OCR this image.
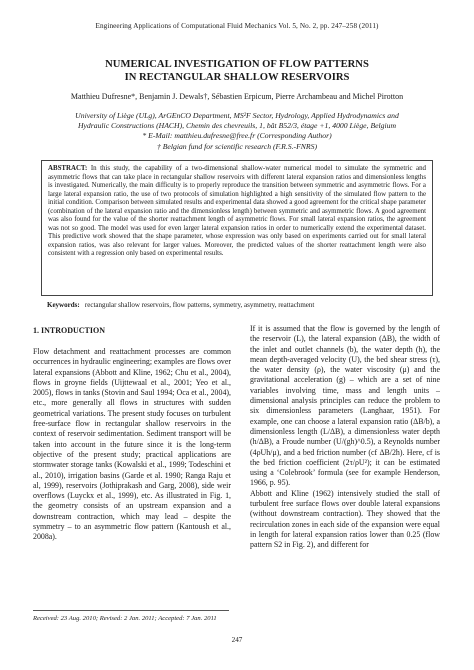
Engineering Applications of Computational Fluid Mechanics Vol. 5, No. 2, pp. 247–258 (2011)
NUMERICAL INVESTIGATION OF FLOW PATTERNS
IN RECTANGULAR SHALLOW RESERVOIRS
Matthieu Dufresne*, Benjamin J. Dewals†, Sébastien Erpicum, Pierre Archambeau and Michel Pirotton
University of Liège (ULg), ArGEnCO Department, MS²F Sector, Hydrology, Applied Hydrodynamics and
Hydraulic Constructions (HACH), Chemin des chevreuils, 1, bât B52/3, étage +1, 4000 Liège, Belgium
* E-Mail: matthieu.dufresne@free.fr (Corresponding Author)
† Belgian fund for scientific research (F.R.S.-FNRS)
ABSTRACT: In this study, the capability of a two-dimensional shallow-water numerical model to simulate the symmetric and asymmetric flows that can take place in rectangular shallow reservoirs with different lateral expansion ratios and dimensionless lengths is investigated. Numerically, the main difficulty is to properly reproduce the transition between symmetric and asymmetric flows. For a large lateral expansion ratio, the use of two protocols of simulation highlighted a high sensitivity of the simulated flow pattern to the initial condition. Comparison between simulated results and experimental data showed a good agreement for the critical shape parameter (combination of the lateral expansion ratio and the dimensionless length) between symmetric and asymmetric flows. A good agreement was also found for the value of the shorter reattachment length of asymmetric flows. For small lateral expansion ratios, the agreement was not so good. The model was used for even larger lateral expansion ratios in order to numerically extend the experimental dataset. This predictive work showed that the shape parameter, whose expression was only based on experiments carried out for small lateral expansion ratios, was also relevant for larger values. Moreover, the predicted values of the shorter reattachment length were also consistent with a regression only based on experimental results.
Keywords: rectangular shallow reservoirs, flow patterns, symmetry, asymmetry, reattachment
1. INTRODUCTION

Flow detachment and reattachment processes are common occurrences in hydraulic engineering; examples are flows over lateral expansions (Abbott and Kline, 1962; Chu et al., 2004), flows in groyne fields (Uijttewaal et al., 2001; Yeo et al., 2005), flows in tanks (Stovin and Saul 1994; Oca et al., 2004), etc., more generally all flows in structures with sudden geometrical variations. The present study focuses on turbulent free-surface flow in rectangular shallow reservoirs in the context of reservoir sedimentation. Sediment transport will be taken into account in the future since it is the long-term objective of the present study; practical applications are stormwater storage tanks (Kowalski et al., 1999; Todeschini et al., 2010), irrigation basins (Garde et al. 1990; Ranga Raju et al, 1999), reservoirs (Jothiprakash and Garg, 2008), side weir overflows (Luyckx et al., 1999), etc. As illustrated in Fig. 1, the geometry consists of an upstream expansion and a downstream contraction, which may lead – despite the symmetry – to an asymmetric flow pattern (Kantoush et al., 2008a).

If it is assumed that the flow is governed by the length of the reservoir (L), the lateral expansion (ΔB), the width of the inlet and outlet channels (b), the water depth (h), the mean depth-averaged velocity (U), the bed shear stress (τ), the water density (ρ), the water viscosity (μ) and the gravitational acceleration (g) – which are a set of nine variables involving time, mass and length units – dimensional analysis principles can reduce the problem to six dimensionless parameters (Langhaar, 1951). For example, one can choose a lateral expansion ratio (ΔB/b), a dimensionless length (L/ΔB), a dimensionless water depth (h/ΔB), a Froude number (U/(gh)^0.5), a Reynolds number (4ρUh/μ), and a bed friction number (cf ΔB/2h). Here, cf is the bed friction coefficient (2τ/ρU²); it can be estimated using a ‘Colebrook’ formula (see for example Henderson, 1966, p. 95).

Abbott and Kline (1962) intensively studied the stall of turbulent free surface flows over double lateral expansions (without downstream contraction). They showed that the recirculation zones in each side of the expansion were equal in length for lateral expansion ratios lower than 0.25 (flow pattern S2 in Fig. 2), and different for

Received: 23 Aug. 2010; Revised: 2 Jan. 2011; Accepted: 7 Jan. 2011
247
